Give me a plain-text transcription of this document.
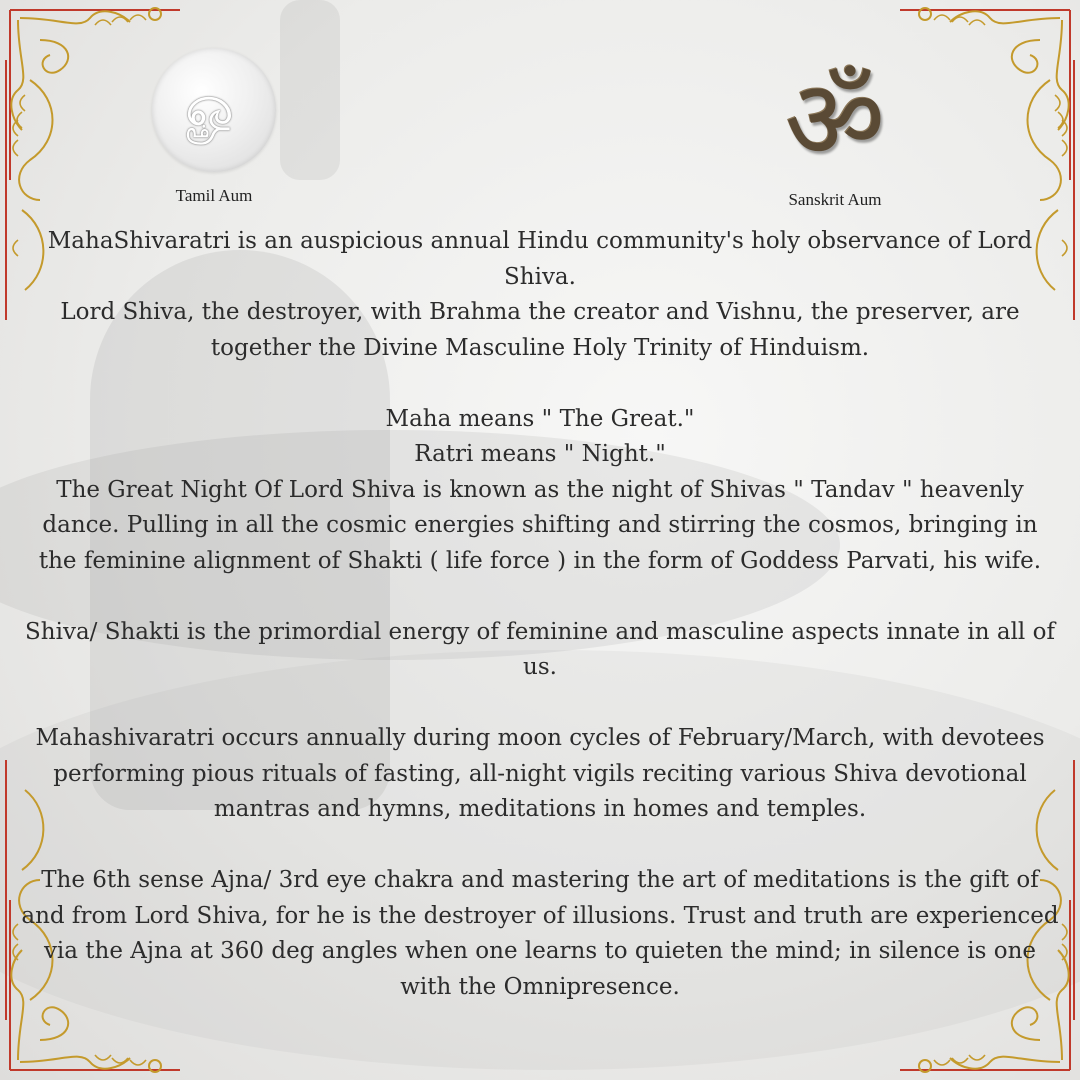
ௐ
Tamil Aum
ॐ
Sanskrit Aum

MahaShivaratri is an auspicious annual Hindu community's holy observance of Lord Shiva.

Lord Shiva, the destroyer, with Brahma the creator and Vishnu, the preserver, are together the Divine Masculine Holy Trinity of Hinduism.

Maha means " The Great."

Ratri means " Night."

The Great Night Of Lord Shiva is known as the night of Shivas " Tandav " heavenly dance. Pulling in all the cosmic energies shifting and stirring the cosmos, bringing in the feminine alignment of Shakti ( life force ) in the form of Goddess Parvati, his wife.

Shiva/ Shakti is the primordial energy of feminine and masculine aspects innate in all of us.

Mahashivaratri occurs annually during moon cycles of February/March, with devotees performing pious rituals of fasting, all-night vigils reciting various Shiva devotional mantras and hymns, meditations in homes and temples.

The 6th sense Ajna/ 3rd eye chakra and mastering the art of meditations is the gift of and from Lord Shiva, for he is the destroyer of illusions. Trust and truth are experienced via the Ajna at 360 deg angles when one learns to quieten the mind; in silence is one with the Omnipresence.
